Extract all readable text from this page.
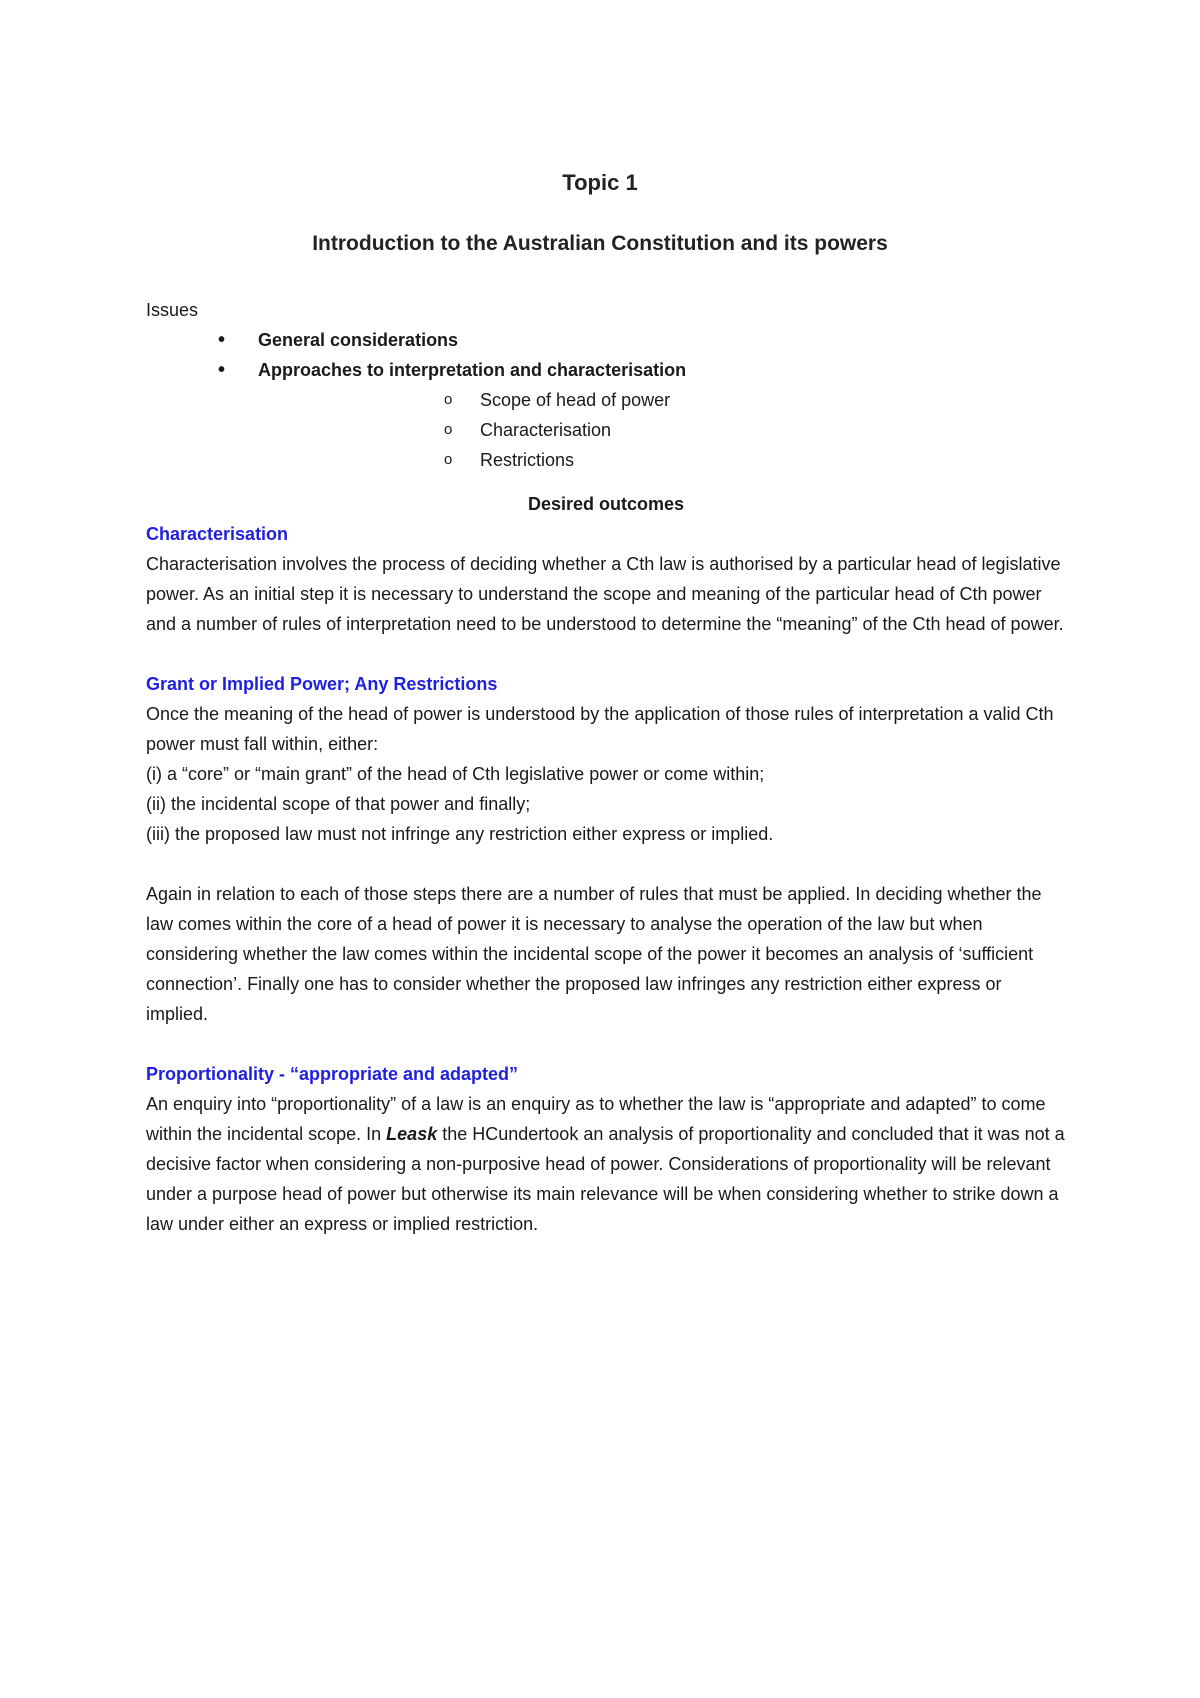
Topic 1
Introduction to the Australian Constitution and its powers

Issues

• General considerations
• Approaches to interpretation and characterisation
o Scope of head of power
o Characterisation
o Restrictions

Desired outcomes

Characterisation

Characterisation involves the process of deciding whether a Cth law is authorised by a particular head of legislative power. As an initial step it is necessary to understand the scope and meaning of the particular head of Cth power and a number of rules of interpretation need to be understood to determine the “meaning” of the Cth head of power.

Grant or Implied Power; Any Restrictions

Once the meaning of the head of power is understood by the application of those rules of interpretation a valid Cth power must fall within, either:

(i) a “core” or “main grant” of the head of Cth legislative power or come within;

(ii) the incidental scope of that power and finally;

(iii) the proposed law must not infringe any restriction either express or implied.

Again in relation to each of those steps there are a number of rules that must be applied. In deciding whether the law comes within the core of a head of power it is necessary to analyse the operation of the law but when considering whether the law comes within the incidental scope of the power it becomes an analysis of ‘sufficient connection’. Finally one has to consider whether the proposed law infringes any restriction either express or implied.

Proportionality - “appropriate and adapted”

An enquiry into “proportionality” of a law is an enquiry as to whether the law is “appropriate and adapted” to come within the incidental scope. In Leask the HCundertook an analysis of proportionality and concluded that it was not a decisive factor when considering a non-purposive head of power. Considerations of proportionality will be relevant under a purpose head of power but otherwise its main relevance will be when considering whether to strike down a law under either an express or implied restriction.
